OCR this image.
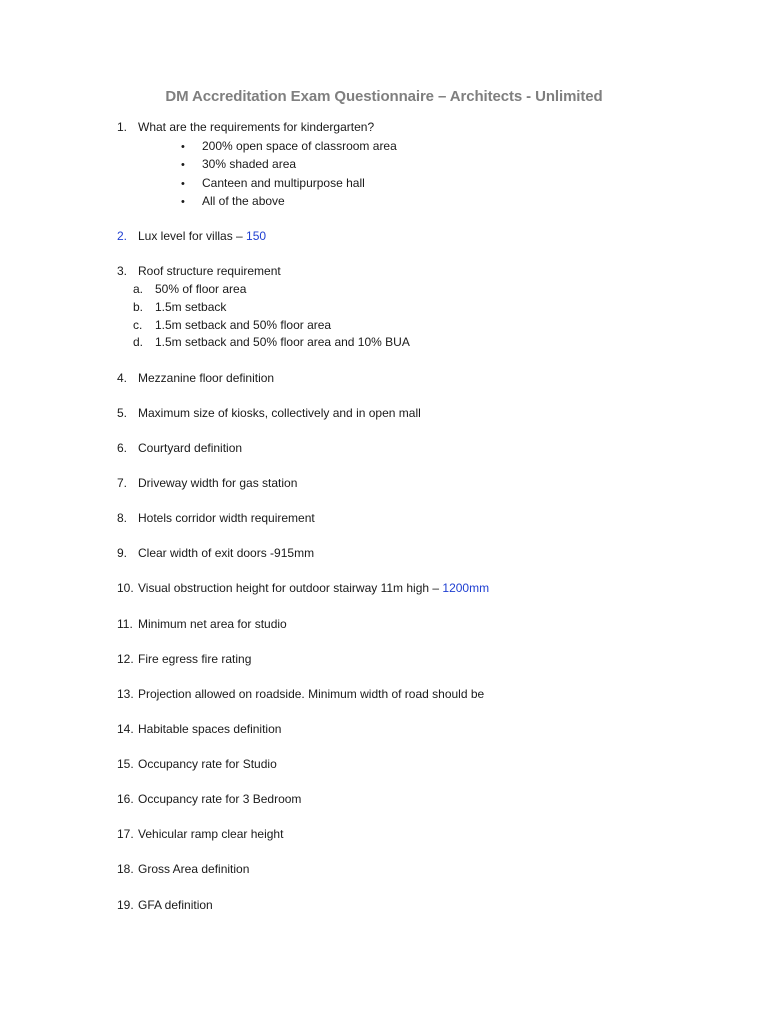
DM Accreditation Exam Questionnaire – Architects - Unlimited
1. What are the requirements for kindergarten?
• 200% open space of classroom area
• 30% shaded area
• Canteen and multipurpose hall
• All of the above
2. Lux level for villas – 150
3. Roof structure requirement
a. 50% of floor area
b. 1.5m setback
c. 1.5m setback and 50% floor area
d. 1.5m setback and 50% floor area and 10% BUA
4. Mezzanine floor definition
5. Maximum size of kiosks, collectively and in open mall
6. Courtyard definition
7. Driveway width for gas station
8. Hotels corridor width requirement
9. Clear width of exit doors -915mm
10. Visual obstruction height for outdoor stairway 11m high – 1200mm
11. Minimum net area for studio
12. Fire egress fire rating
13. Projection allowed on roadside. Minimum width of road should be
14. Habitable spaces definition
15. Occupancy rate for Studio
16. Occupancy rate for 3 Bedroom
17. Vehicular ramp clear height
18. Gross Area definition
19. GFA definition
